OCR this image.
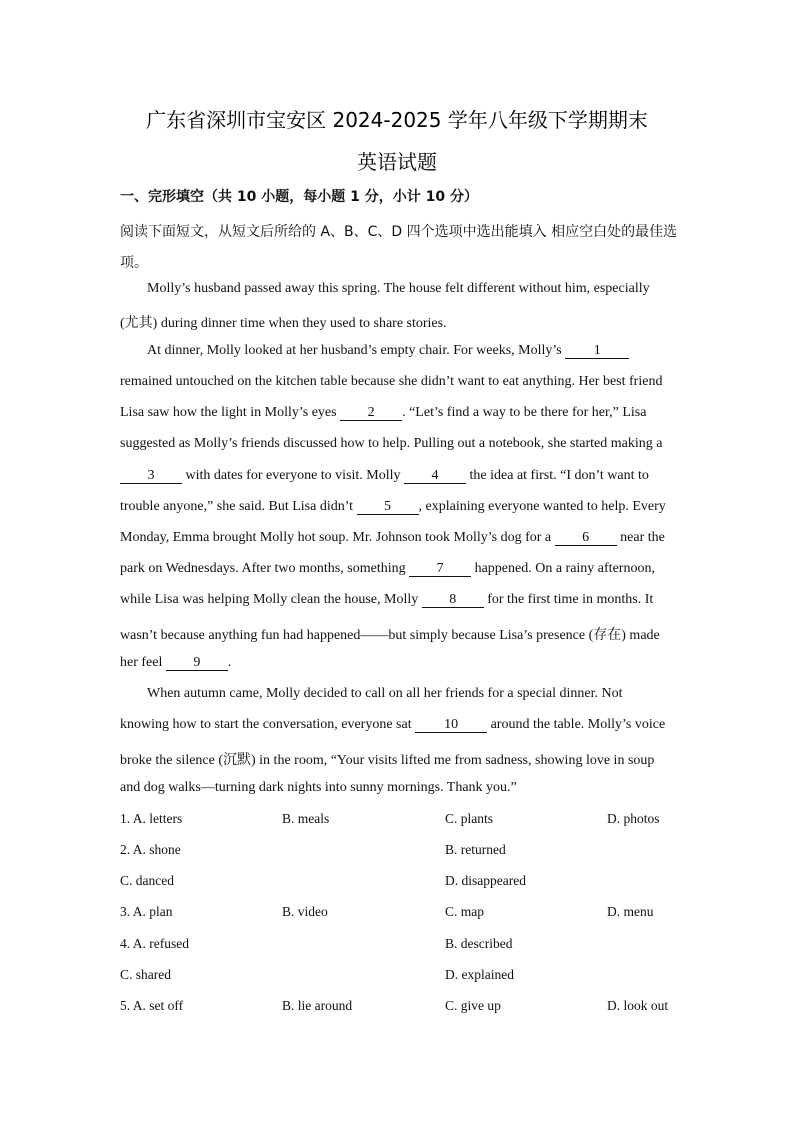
广东省深圳市宝安区 2024-2025 学年八年级下学期期末
英语试题
一、完形填空（共 10 小题，每小题 1 分，小计 10 分）
阅读下面短文，从短文后所给的 A、B、C、D 四个选项中选出能填入 相应空白处的最佳选项。
Molly’s husband passed away this spring. The house felt different without him, especially
(尤其) during dinner time when they used to share stories.
At dinner, Molly looked at her husband’s empty chair. For weeks, Molly’s 1
remained untouched on the kitchen table because she didn’t want to eat anything. Her best friend
Lisa saw how the light in Molly’s eyes 2 . “Let’s find a way to be there for her,” Lisa
suggested as Molly’s friends discussed how to help. Pulling out a notebook, she started making a
3 with dates for everyone to visit. Molly 4 the idea at first. “I don’t want to
trouble anyone,” she said. But Lisa didn’t 5 , explaining everyone wanted to help. Every
Monday, Emma brought Molly hot soup. Mr. Johnson took Molly’s dog for a 6 near the
park on Wednesdays. After two months, something 7 happened. On a rainy afternoon,
while Lisa was helping Molly clean the house, Molly 8 for the first time in months. It
wasn’t because anything fun had happened——but simply because Lisa’s presence (存在) made
her feel 9 .
When autumn came, Molly decided to call on all her friends for a special dinner. Not
knowing how to start the conversation, everyone sat 10 around the table. Molly’s voice
broke the silence (沉默) in the room, “Your visits lifted me from sadness, showing love in soup
and dog walks—turning dark nights into sunny mornings. Thank you.”
1. A. letters	B. meals	C. plants	D. photos
2. A. shone	B. returned
C. danced	D. disappeared
3. A. plan	B. video	C. map	D. menu
4. A. refused	B. described
C. shared	D. explained
5. A. set off	B. lie around	C. give up	D. look out
